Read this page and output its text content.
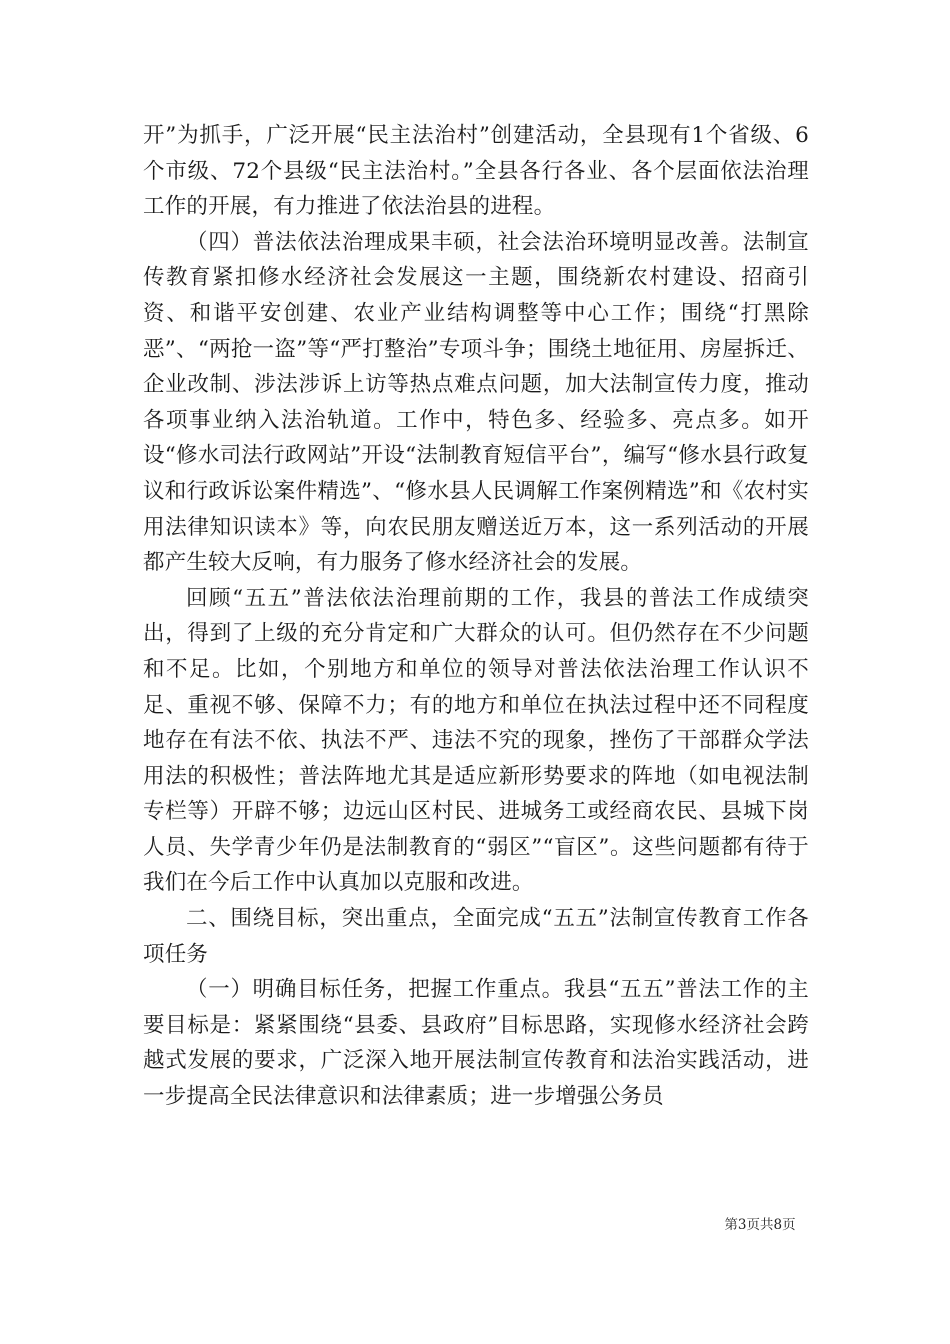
开”为抓手，广泛开展“民主法治村”创建活动，全县现有1个省级、6个市级、72个县级“民主法治村。”全县各行各业、各个层面依法治理工作的开展，有力推进了依法治县的进程。

（四）普法依法治理成果丰硕，社会法治环境明显改善。法制宣传教育紧扣修水经济社会发展这一主题，围绕新农村建设、招商引资、和谐平安创建、农业产业结构调整等中心工作；围绕“打黑除恶”、“两抢一盗”等“严打整治”专项斗争；围绕土地征用、房屋拆迁、企业改制、涉法涉诉上访等热点难点问题，加大法制宣传力度，推动各项事业纳入法治轨道。工作中，特色多、经验多、亮点多。如开设“修水司法行政网站”开设“法制教育短信平台”，编写“修水县行政复议和行政诉讼案件精选”、“修水县人民调解工作案例精选”和《农村实用法律知识读本》等，向农民朋友赠送近万本，这一系列活动的开展都产生较大反响，有力服务了修水经济社会的发展。

回顾“五五”普法依法治理前期的工作，我县的普法工作成绩突出，得到了上级的充分肯定和广大群众的认可。但仍然存在不少问题和不足。比如，个别地方和单位的领导对普法依法治理工作认识不足、重视不够、保障不力；有的地方和单位在执法过程中还不同程度地存在有法不依、执法不严、违法不究的现象，挫伤了干部群众学法用法的积极性；普法阵地尤其是适应新形势要求的阵地（如电视法制专栏等）开辟不够；边远山区村民、进城务工或经商农民、县城下岗人员、失学青少年仍是法制教育的“弱区”“盲区”。这些问题都有待于我们在今后工作中认真加以克服和改进。

二、围绕目标，突出重点，全面完成“五五”法制宣传教育工作各项任务

（一）明确目标任务，把握工作重点。我县“五五”普法工作的主要目标是：紧紧围绕“县委、县政府”目标思路，实现修水经济社会跨越式发展的要求，广泛深入地开展法制宣传教育和法治实践活动，进一步提高全民法律意识和法律素质；进一步增强公务员

第3页共8页
